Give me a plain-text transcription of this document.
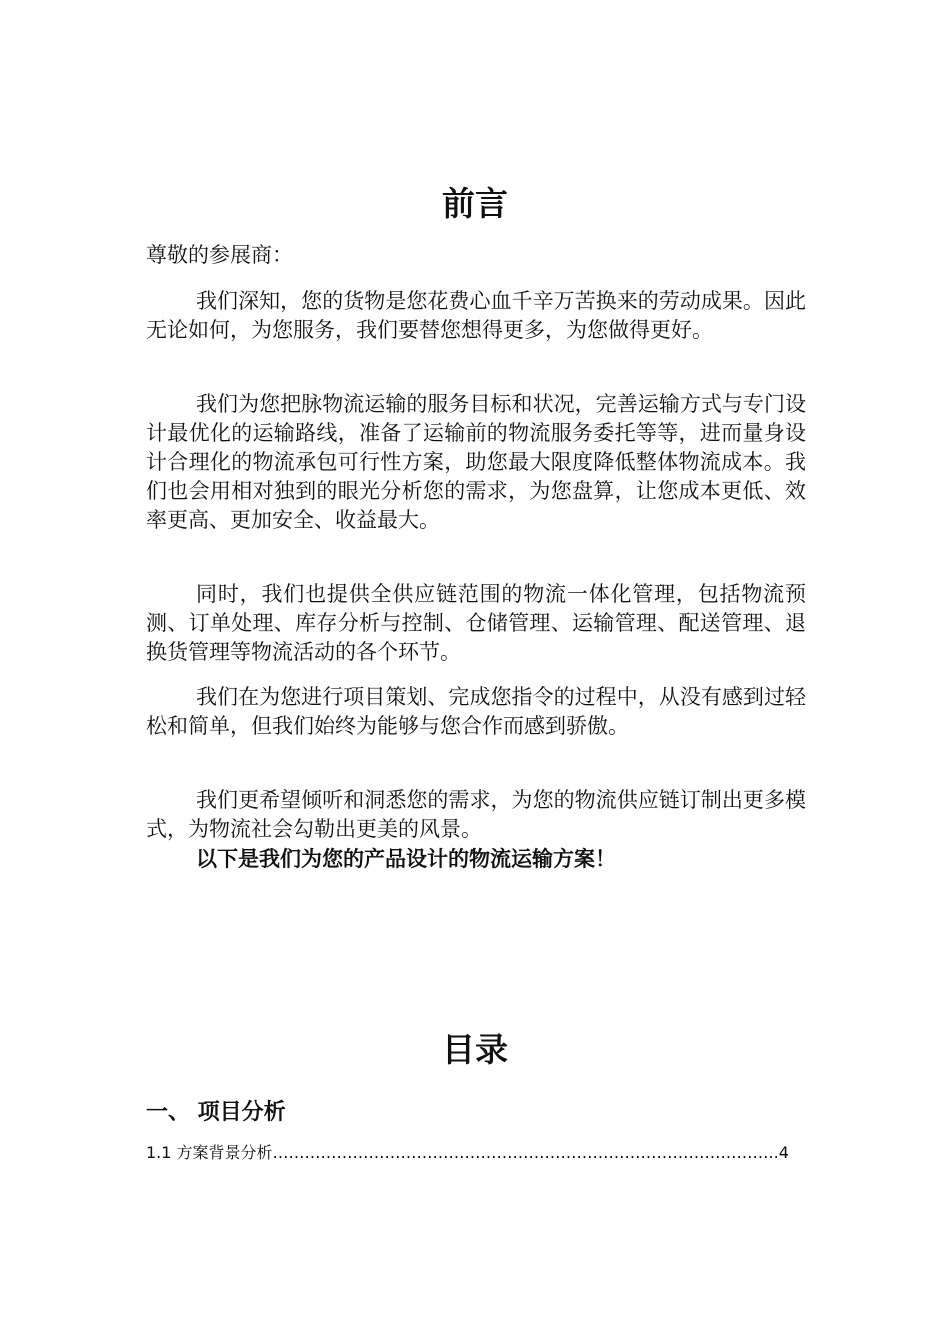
前言

尊敬的参展商：

我们深知，您的货物是您花费心血千辛万苦换来的劳动成果。因此无论如何，为您服务，我们要替您想得更多，为您做得更好。

我们为您把脉物流运输的服务目标和状况，完善运输方式与专门设计最优化的运输路线，准备了运输前的物流服务委托等等，进而量身设计合理化的物流承包可行性方案，助您最大限度降低整体物流成本。我们也会用相对独到的眼光分析您的需求，为您盘算，让您成本更低、效率更高、更加安全、收益最大。

同时，我们也提供全供应链范围的物流一体化管理，包括物流预测、订单处理、库存分析与控制、仓储管理、运输管理、配送管理、退换货管理等物流活动的各个环节。

我们在为您进行项目策划、完成您指令的过程中，从没有感到过轻松和简单，但我们始终为能够与您合作而感到骄傲。

我们更希望倾听和洞悉您的需求，为您的物流供应链订制出更多模式，为物流社会勾勒出更美的风景。

以下是我们为您的产品设计的物流运输方案！

目录
一、 项目分析

1.1 方案背景分析…………………………………………………………………………………..4
